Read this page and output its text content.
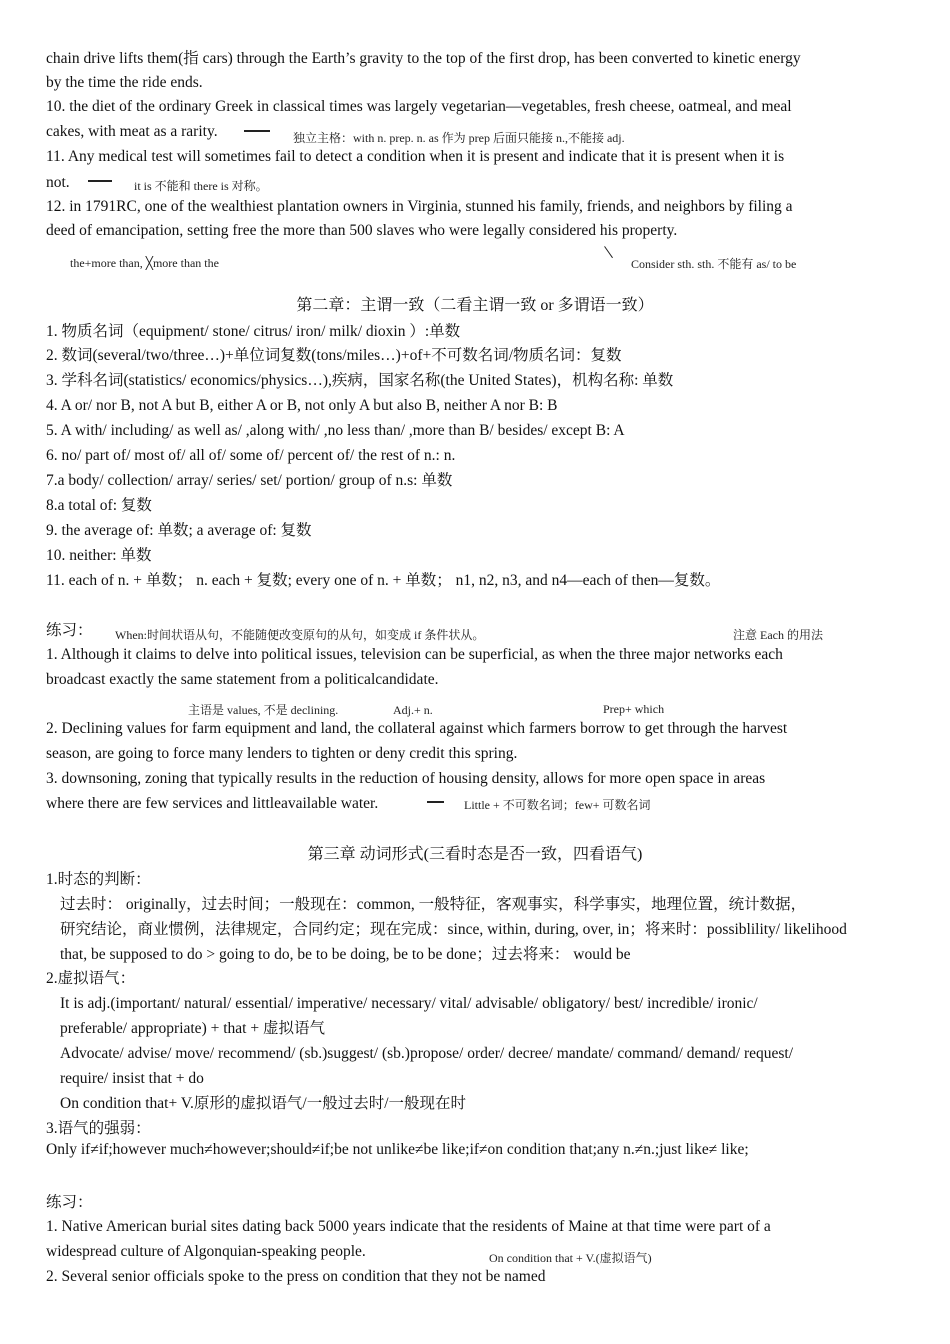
chain drive lifts them(指 cars) through the Earth’s gravity to the top of the first drop, has been converted to kinetic energy
by the time the ride ends.
10. the diet of the ordinary Greek in classical times was largely vegetarian—vegetables, fresh cheese, oatmeal, and meal
cakes, with meat as a rarity.	独立主格：with n. prep. n. as 作为 prep 后面只能接 n.,不能接 adj.
11. Any medical test will sometimes fail to detect a condition when it is present and indicate that it is present when it is
not.	it is 不能和 there is 对称。
12. in 1791RC, one of the wealthiest plantation owners in Virginia, stunned his family, friends, and neighbors by filing a
deed of emancipation, setting free the more than 500 slaves who were legally considered his property.
the+more than, ╳more than the	Consider sth. sth. 不能有 as/ to be
第二章：主谓一致（二看主谓一致 or 多谓语一致）
1. 物质名词（equipment/ stone/ citrus/ iron/ milk/ dioxin ）:单数
2. 数词(several/two/three…)+单位词复数(tons/miles…)+of+不可数名词/物质名词：复数
3. 学科名词(statistics/ economics/physics…),疾病，国家名称(the United States)，机构名称: 单数
4. A or/ nor B, not A but B, either A or B, not only A but also B, neither A nor B: B
5. A with/ including/ as well as/ ,along with/ ,no less than/ ,more than B/ besides/ except B: A
6. no/ part of/ most of/ all of/ some of/ percent of/ the rest of n.: n.
7.a body/ collection/ array/ series/ set/ portion/ group of n.s: 单数
8.a total of: 复数
9. the average of: 单数; a average of: 复数
10. neither: 单数
11. each of n. + 单数； n. each + 复数; every one of n. + 单数； n1, n2, n3, and n4—each of then—复数。
练习： When:时间状语从句，不能随便改变原句的从句，如变成 if 条件状从。	注意 Each 的用法
1. Although it claims to delve into political issues, television can be superficial, as when the three major networks each
broadcast exactly the same statement from a politicalcandidate.
主语是 values, 不是 declining.	Adj.+ n.	Prep+ which
2. Declining values for farm equipment and land, the collateral against which farmers borrow to get through the harvest
season, are going to force many lenders to tighten or deny credit this spring.
3. downsoning, zoning that typically results in the reduction of housing density, allows for more open space in areas
where there are few services and littleavailable water.	Little + 不可数名词；few+ 可数名词
第三章 动词形式(三看时态是否一致，四看语气)
1.时态的判断：
过去时： originally，过去时间；一般现在：common, 一般特征，客观事实，科学事实，地理位置，统计数据，
研究结论，商业惯例，法律规定，合同约定；现在完成：since, within, during, over, in；将来时：possiblility/ likelihood
that, be supposed to do > going to do, be to be doing, be to be done；过去将来： would be
2.虚拟语气：
It is adj.(important/ natural/ essential/ imperative/ necessary/ vital/ advisable/ obligatory/ best/ incredible/ ironic/
preferable/ appropriate) + that + 虚拟语气
Advocate/ advise/ move/ recommend/ (sb.)suggest/ (sb.)propose/ order/ decree/ mandate/ command/ demand/ request/
require/ insist that + do
On condition that+ V.原形的虚拟语气/一般过去时/一般现在时
3.语气的强弱：
Only if≠if;however much≠however;should≠if;be not unlike≠be like;if≠on condition that;any n.≠n.;just like≠ like;
练习：
1. Native American burial sites dating back 5000 years indicate that the residents of Maine at that time were part of a
widespread culture of Algonquian-speaking people.	On condition that + V.(虚拟语气)
2. Several senior officials spoke to the press on condition that they not be named
